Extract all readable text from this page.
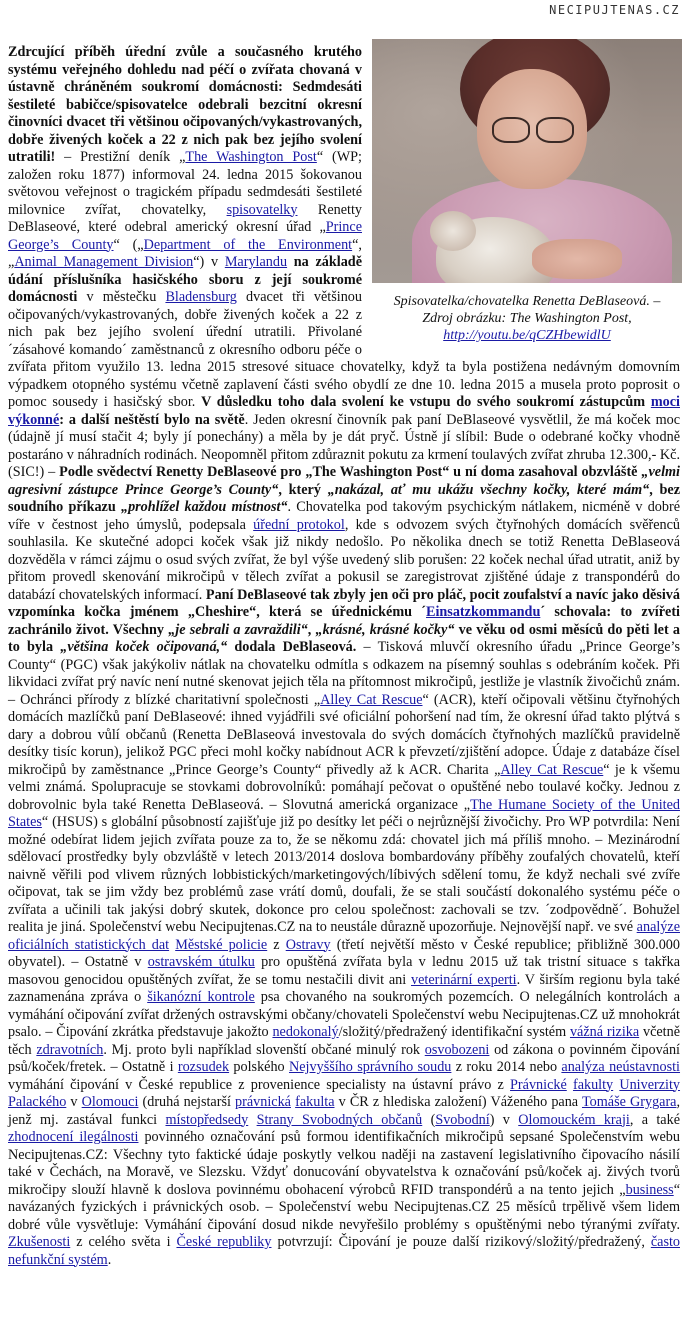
NECIPUJTENAS.CZ
Spisovatelka/chovatelka Renetta DeBlaseová. –
Zdroj obrázku: The Washington Post,
http://youtu.be/qCZHbewidlU

Zdrcující příběh úřední zvůle a současného krutého systému veřejného dohledu nad péčí o zvířata chovaná v ústavně chráněném soukromí domácnosti: Sedmdesáti šestileté babičce/spisovatelce odebrali bezcitní okresní činovníci dvacet tři většinou očipovaných/vykastrovaných, dobře živených koček a 22 z nich pak bez jejího svolení utratili! – Prestižní deník „The Washington Post“ (WP; založen roku 1877) informoval 24. ledna 2015 šokovanou světovou veřejnost o tragickém případu sedmdesáti šestileté milovnice zvířat, chovatelky, spisovatelky Renetty DeBlaseové, které odebral americký okresní úřad „Prince George’s County“ („Department of the Environment“, „Animal Management Division“) v Marylandu na základě údání příslušníka hasičského sboru z její soukromé domácnosti v městečku Bladensburg dvacet tři většinou očipovaných/vykastrovaných, dobře živených koček a 22 z nich pak bez jejího svolení úřední utratili. Přivolané ´zásahové komando´ zaměstnanců z okresního odboru péče o zvířata přitom využilo 13. ledna 2015 stresové situace chovatelky, když ta byla postižena nedávným domovním výpadkem otopného systému včetně zaplavení části svého obydlí ze dne 10. ledna 2015 a musela proto poprosit o pomoc sousedy i hasičský sbor. V důsledku toho dala svolení ke vstupu do svého soukromí zástupcům moci výkonné: a další neštěstí bylo na světě. Jeden okresní činovník pak paní DeBlaseové vysvětlil, že má koček moc (údajně jí musí stačit 4; byly jí ponechány) a měla by je dát pryč. Ústně jí slíbil: Bude o odebrané kočky vhodně postaráno v náhradních rodinách. Neopomněl přitom zdůraznit pokutu za krmení toulavých zvířat zhruba 12.300,- Kč. (SIC!) – Podle svědectví Renetty DeBlaseové pro „The Washington Post“ u ní doma zasahoval obzvláště „velmi agresivní zástupce Prince George’s County“, který „nakázal, ať mu ukážu všechny kočky, které mám“, bez soudního příkazu „prohlížel každou místnost“. Chovatelka pod takovým psychickým nátlakem, nicméně v dobré víře v čestnost jeho úmyslů, podepsala úřední protokol, kde s odvozem svých čtyřnohých domácích svěřenců souhlasila. Ke skutečné adopci koček však již nikdy nedošlo. Po několika dnech se totiž Renetta DeBlaseová dozvěděla v rámci zájmu o osud svých zvířat, že byl výše uvedený slib porušen: 22 koček nechal úřad utratit, aniž by přitom provedl skenování mikročipů v tělech zvířat a pokusil se zaregistrovat zjištěné údaje z transpondérů do databází chovatelských informací. Paní DeBlaseové tak zbyly jen oči pro pláč, pocit zoufalství a navíc jako děsivá vzpomínka kočka jménem „Cheshire“, která se úřednickému ´Einsatzkommandu´ schovala: to zvířeti zachránilo život. Všechny „je sebrali a zavraždili“, „krásné, krásné kočky“ ve věku od osmi měsíců do pěti let a to byla „většina koček očipovaná,“ dodala DeBlaseová. – Tisková mluvčí okresního úřadu „Prince George’s County“ (PGC) však jakýkoliv nátlak na chovatelku odmítla s odkazem na písemný souhlas s odebráním koček. Při likvidaci zvířat prý navíc není nutné skenovat jejich těla na přítomnost mikročipů, jestliže je vlastník živočichů znám. – Ochránci přírody z blízké charitativní společnosti „Alley Cat Rescue“ (ACR), kteří očipovali většinu čtyřnohých domácích mazlíčků paní DeBlaseové: ihned vyjádřili své oficiální pohoršení nad tím, že okresní úřad takto plýtvá s dary a dobrou vůlí občanů (Renetta DeBlaseová investovala do svých domácích čtyřnohých mazlíčků pravidelně desítky tisíc korun), jelikož PGC přeci mohl kočky nabídnout ACR k převzetí/zjištění adopce. Údaje z databáze čísel mikročipů by zaměstnance „Prince George’s County“ přivedly až k ACR. Charita „Alley Cat Rescue“ je k všemu velmi známá. Spolupracuje se stovkami dobrovolníků: pomáhají pečovat o opuštěné nebo toulavé kočky. Jednou z dobrovolnic byla také Renetta DeBlaseová. – Slovutná americká organizace „The Humane Society of the United States“ (HSUS) s globální působností zajišťuje již po desítky let péči o nejrůznější živočichy. Pro WP potvrdila: Není možné odebírat lidem jejich zvířata pouze za to, že se někomu zdá: chovatel jich má příliš mnoho. – Mezinárodní sdělovací prostředky byly obzvláště v letech 2013/2014 doslova bombardovány příběhy zoufalých chovatelů, kteří naivně věřili pod vlivem různých lobbistických/marketingových/líbivých sdělení tomu, že když nechali své zvíře očipovat, tak se jim vždy bez problémů zase vrátí domů, doufali, že se stali součástí dokonalého systému péče o zvířata a učinili tak jakýsi dobrý skutek, dokonce pro celou společnost: zachovali se tzv. ´zodpovědně´. Bohužel realita je jiná. Společenství webu Necipujtenas.CZ na to neustále důrazně upozorňuje. Nejnovější např. ve své analýze oficiálních statistických dat Městské policie z Ostravy (třetí největší město v České republice; přibližně 300.000 obyvatel). – Ostatně v ostravském útulku pro opuštěná zvířata byla v lednu 2015 už tak tristní situace s takřka masovou genocidou opuštěných zvířat, že se tomu nestačili divit ani veterinární experti. V širším regionu byla také zaznamenána zpráva o šikanózní kontrole psa chovaného na soukromých pozemcích. O nelegálních kontrolách a vymáhání očipování zvířat držených ostravskými občany/chovateli Společenství webu Necipujtenas.CZ už mnohokrát psalo. – Čipování zkrátka představuje jakožto nedokonalý/složitý/předražený identifikační systém vážná rizika včetně těch zdravotních. Mj. proto byli například slovenští občané minulý rok osvobozeni od zákona o povinném čipování psů/koček/fretek. – Ostatně i rozsudek polského Nejvyššího správního soudu z roku 2014 nebo analýza neústavnosti vymáhání čipování v České republice z provenience specialisty na ústavní právo z Právnické fakulty Univerzity Palackého v Olomouci (druhá nejstarší právnická fakulta v ČR z hlediska založení) Váženého pana Tomáše Grygara, jenž mj. zastával funkci místopředsedy Strany Svobodných občanů (Svobodní) v Olomouckém kraji, a také zhodnocení ilegálnosti povinného označování psů formou identifikačních mikročipů sepsané Společenstvím webu Necipujtenas.CZ: Všechny tyto faktické údaje poskytly velkou naději na zastavení legislativního čipovacího násilí také v Čechách, na Moravě, ve Slezsku. Vždyť donucování obyvatelstva k označování psů/koček aj. živých tvorů mikročipy slouží hlavně k doslova povinnému obohacení výrobců RFID transpondérů a na tento jejich „business“ navázaných fyzických i právnických osob. – Společenství webu Necipujtenas.CZ 25 měsíců trpělivě všem lidem dobré vůle vysvětluje: Vymáhání čipování dosud nikde nevyřešilo problémy s opuštěnými nebo týranými zvířaty. Zkušenosti z celého světa i České republiky potvrzují: Čipování je pouze další rizikový/složitý/předražený, často nefunkční systém.
